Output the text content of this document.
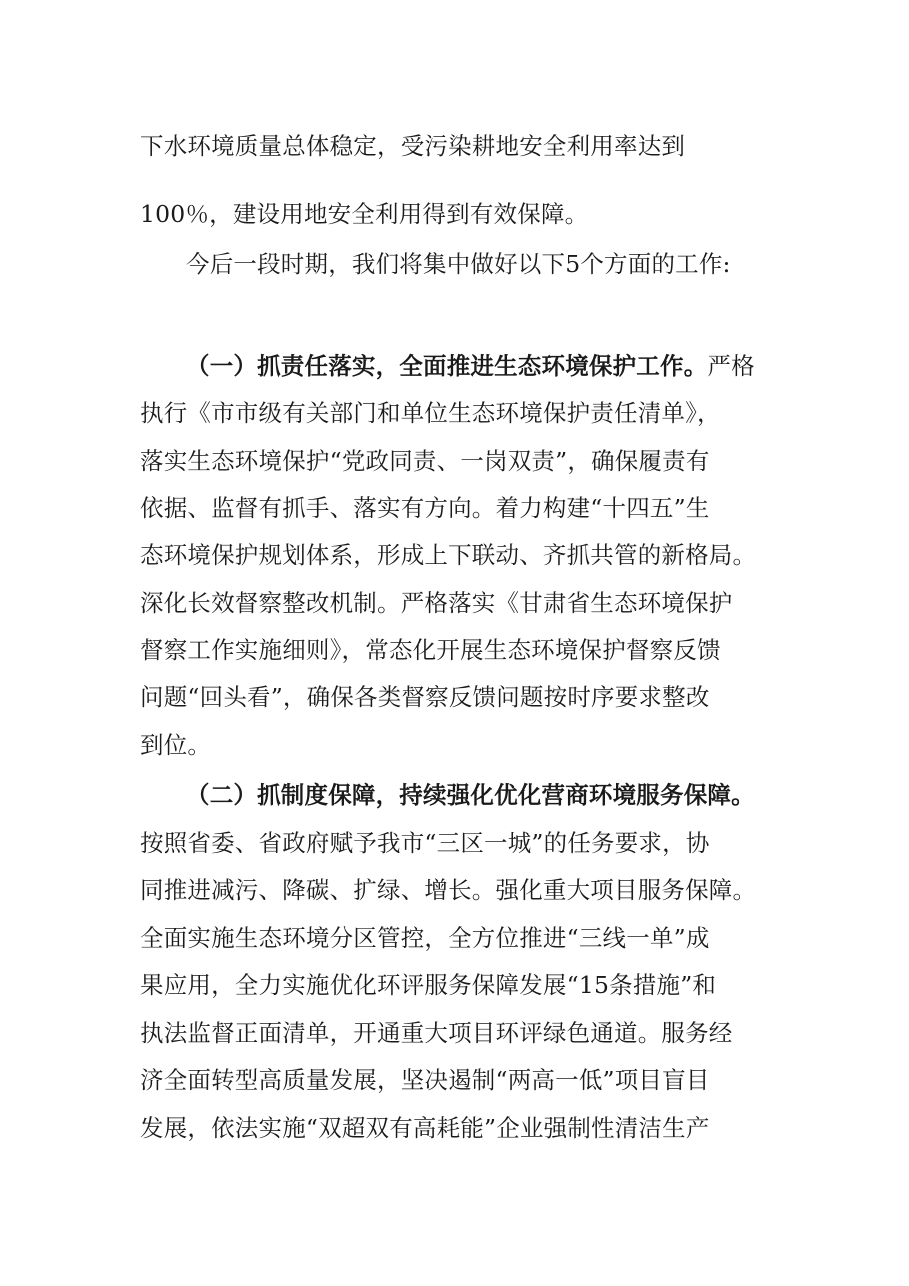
下水环境质量总体稳定，受污染耕地安全利用率达到
100％，建设用地安全利用得到有效保障。
今后一段时期，我们将集中做好以下5个方面的工作:
（一）抓责任落实，全面推进生态环境保护工作。严格
执行《市市级有关部门和单位生态环境保护责任清单》，
落实生态环境保护“党政同责、一岗双责”，确保履责有
依据、监督有抓手、落实有方向。着力构建“十四五”生
态环境保护规划体系，形成上下联动、齐抓共管的新格局。
深化长效督察整改机制。严格落实《甘肃省生态环境保护
督察工作实施细则》，常态化开展生态环境保护督察反馈
问题“回头看”，确保各类督察反馈问题按时序要求整改
到位。
（二）抓制度保障，持续强化优化营商环境服务保障。
按照省委、省政府赋予我市“三区一城”的任务要求，协
同推进减污、降碳、扩绿、增长。强化重大项目服务保障。
全面实施生态环境分区管控，全方位推进“三线一单”成
果应用，全力实施优化环评服务保障发展“15条措施”和
执法监督正面清单，开通重大项目环评绿色通道。服务经
济全面转型高质量发展，坚决遏制“两高一低”项目盲目
发展，依法实施“双超双有高耗能”企业强制性清洁生产
